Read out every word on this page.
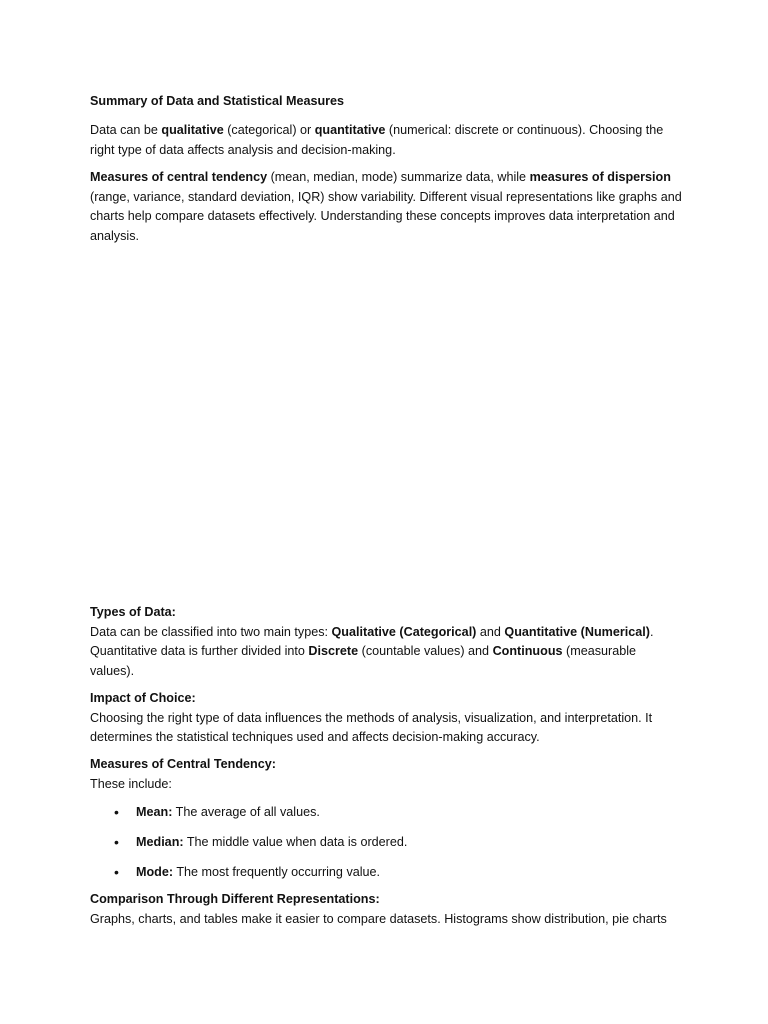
Summary of Data and Statistical Measures

Data can be qualitative (categorical) or quantitative (numerical: discrete or continuous). Choosing the right type of data affects analysis and decision-making.

Measures of central tendency (mean, median, mode) summarize data, while measures of dispersion (range, variance, standard deviation, IQR) show variability. Different visual representations like graphs and charts help compare datasets effectively. Understanding these concepts improves data interpretation and analysis.

Types of Data:
Data can be classified into two main types: Qualitative (Categorical) and Quantitative (Numerical). Quantitative data is further divided into Discrete (countable values) and Continuous (measurable values).
Impact of Choice:
Choosing the right type of data influences the methods of analysis, visualization, and interpretation. It determines the statistical techniques used and affects decision-making accuracy.
Measures of Central Tendency:
These include:
• Mean: The average of all values.
• Median: The middle value when data is ordered.
• Mode: The most frequently occurring value.
Comparison Through Different Representations:
Graphs, charts, and tables make it easier to compare datasets. Histograms show distribution, pie charts
